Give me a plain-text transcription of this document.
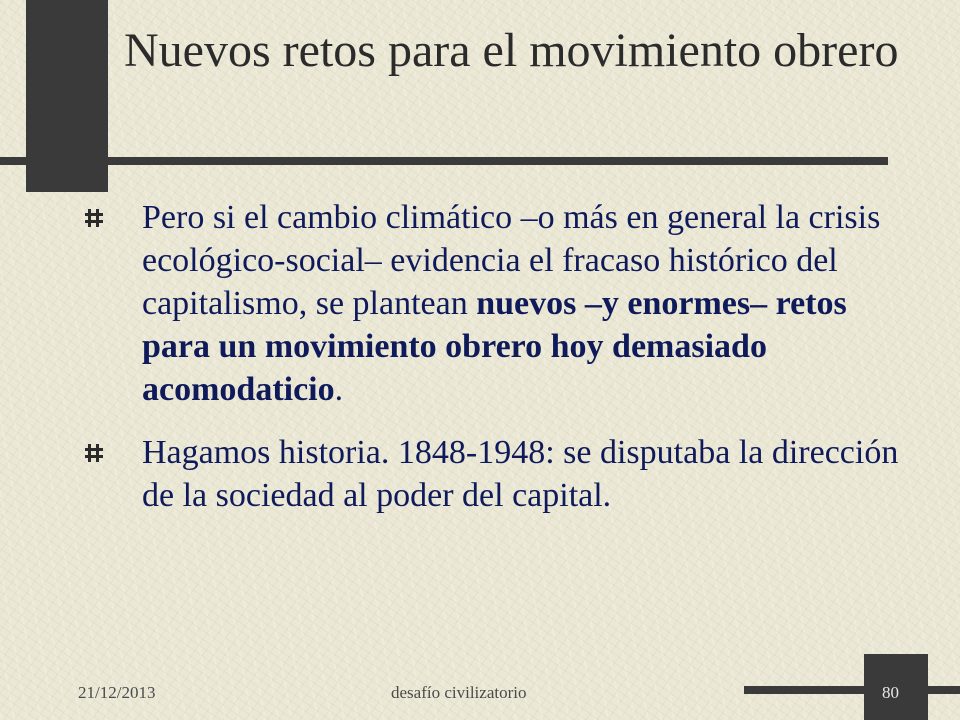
Nuevos retos para el movimiento obrero
Pero si el cambio climático –o más en general la crisis ecológico-social– evidencia el fracaso histórico del capitalismo, se plantean nuevos –y enormes– retos para un movimiento obrero hoy demasiado acomodaticio.
Hagamos historia. 1848-1948: se disputaba la dirección de la sociedad al poder del capital.
21/12/2013	desafío civilizatorio	80
